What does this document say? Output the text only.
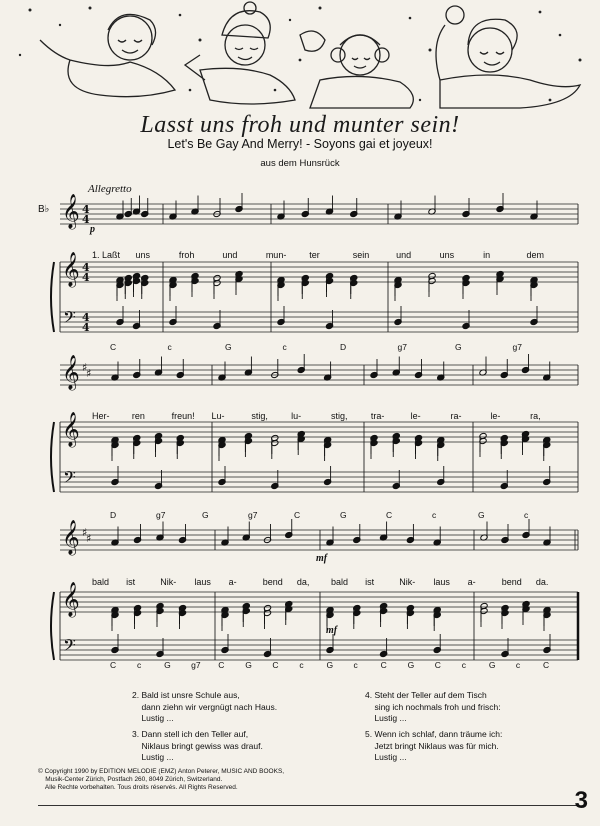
Lasst uns froh und munter sein!
Let's Be Gay And Merry! - Soyons gai et joyeux!
aus dem Hunsrück
Allegretto
B♭ 𝄞
𝄞
𝄢
4
4
4
4
4
4
𝄞
𝄞
𝄢
♯
♯
𝄞
𝄞
𝄢
♯
♯
p
mf
mf
1. Laßt uns	froh	und	mun-	ter	sein	und	uns	in	dem
Her- ren	freun! Lu-	stig,	lu-	stig,	tra-	le-	ra-	le-	ra,
bald ist	Nik- laus a-	bend da, bald ist	Nik- laus a-	bend da.
C	c	G	c	D	g7	G	g7
D	g7	G	g7	C	G	C	c	G	c
C c	G g7 C G C c	G c	C G C c	G c	C
2. Bald ist unsre Schule aus,
dann ziehn wir vergnügt nach Haus.
Lustig ...
3. Dann stell ich den Teller auf,
Niklaus bringt gewiss was drauf.
Lustig ...
4. Steht der Teller auf dem Tisch
sing ich nochmals froh und frisch:
Lustig ...
5. Wenn ich schlaf, dann träume ich:
Jetzt bringt Niklaus was für mich.
Lustig ...
© Copyright 1990 by EDITION MELODIE (EMZ) Anton Peterer, MUSIC AND BOOKS,
Musik-Center Zürich, Postfach 260, 8049 Zürich, Switzerland.
Alle Rechte vorbehalten. Tous droits réservés. All Rights Reserved.	3
